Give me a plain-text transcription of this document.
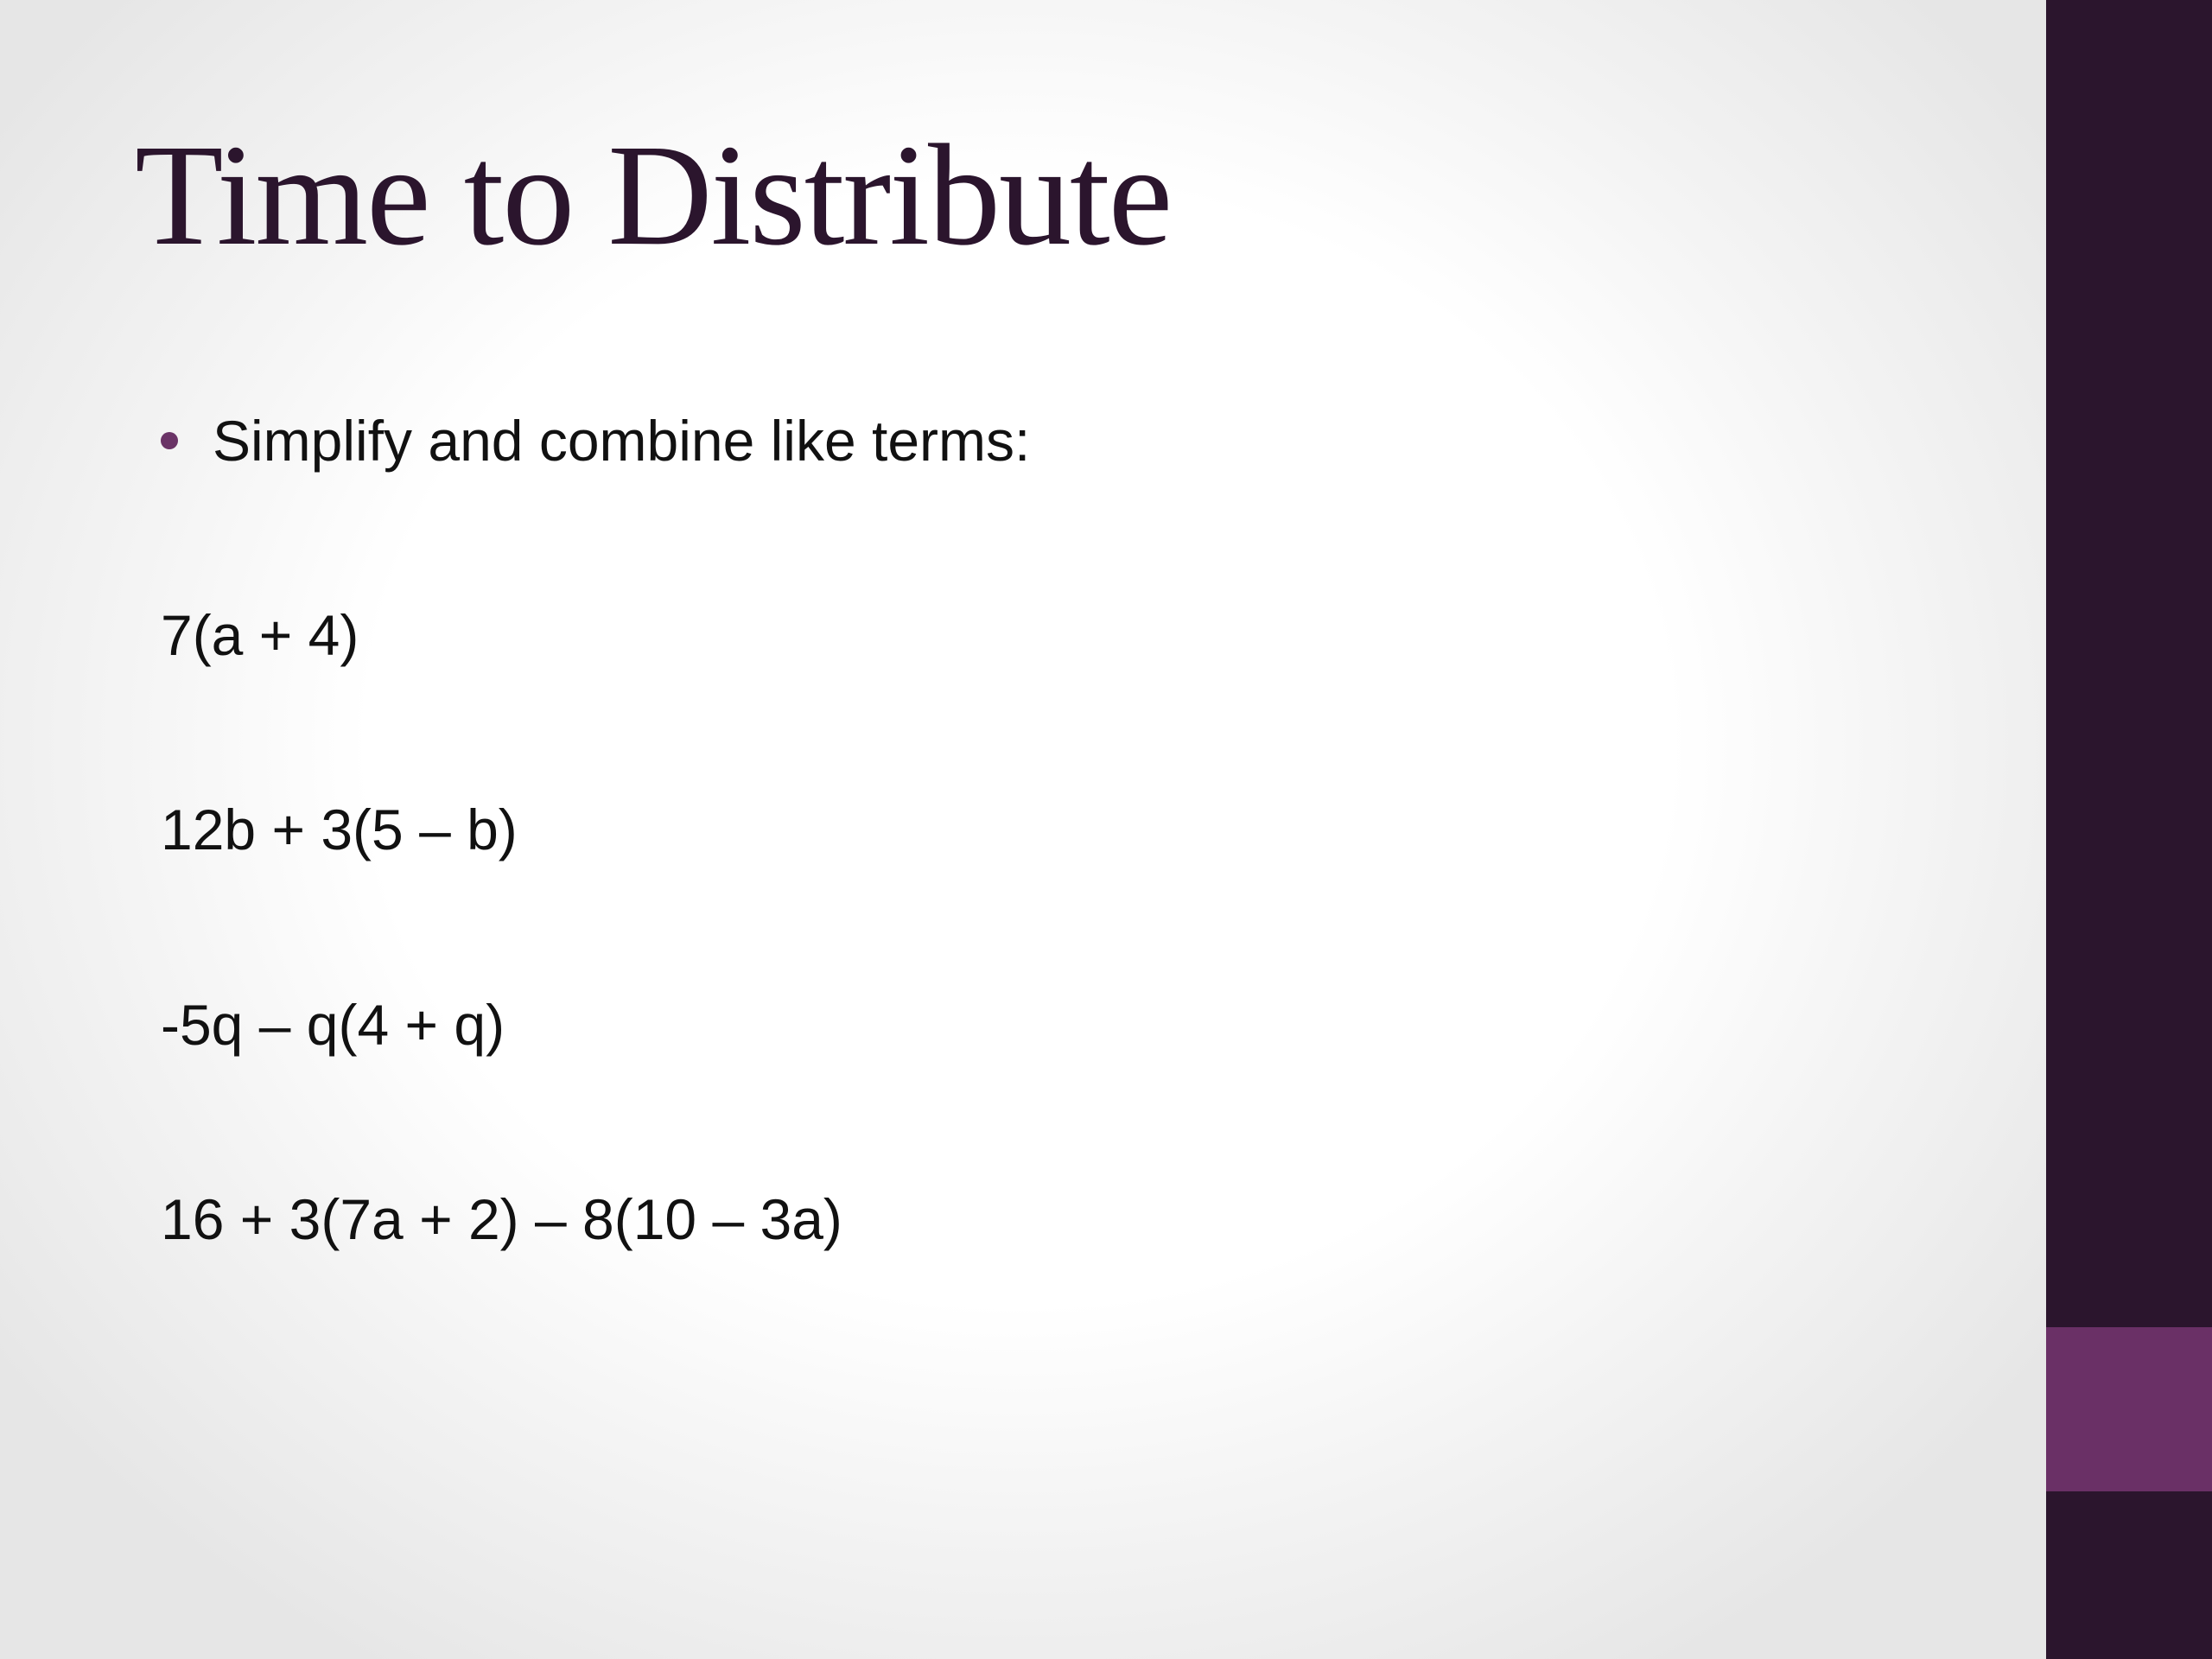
Time to Distribute
Simplify and combine like terms:
7(a + 4)
12b + 3(5 – b)
-5q – q(4 + q)
16 + 3(7a + 2) – 8(10 – 3a)
